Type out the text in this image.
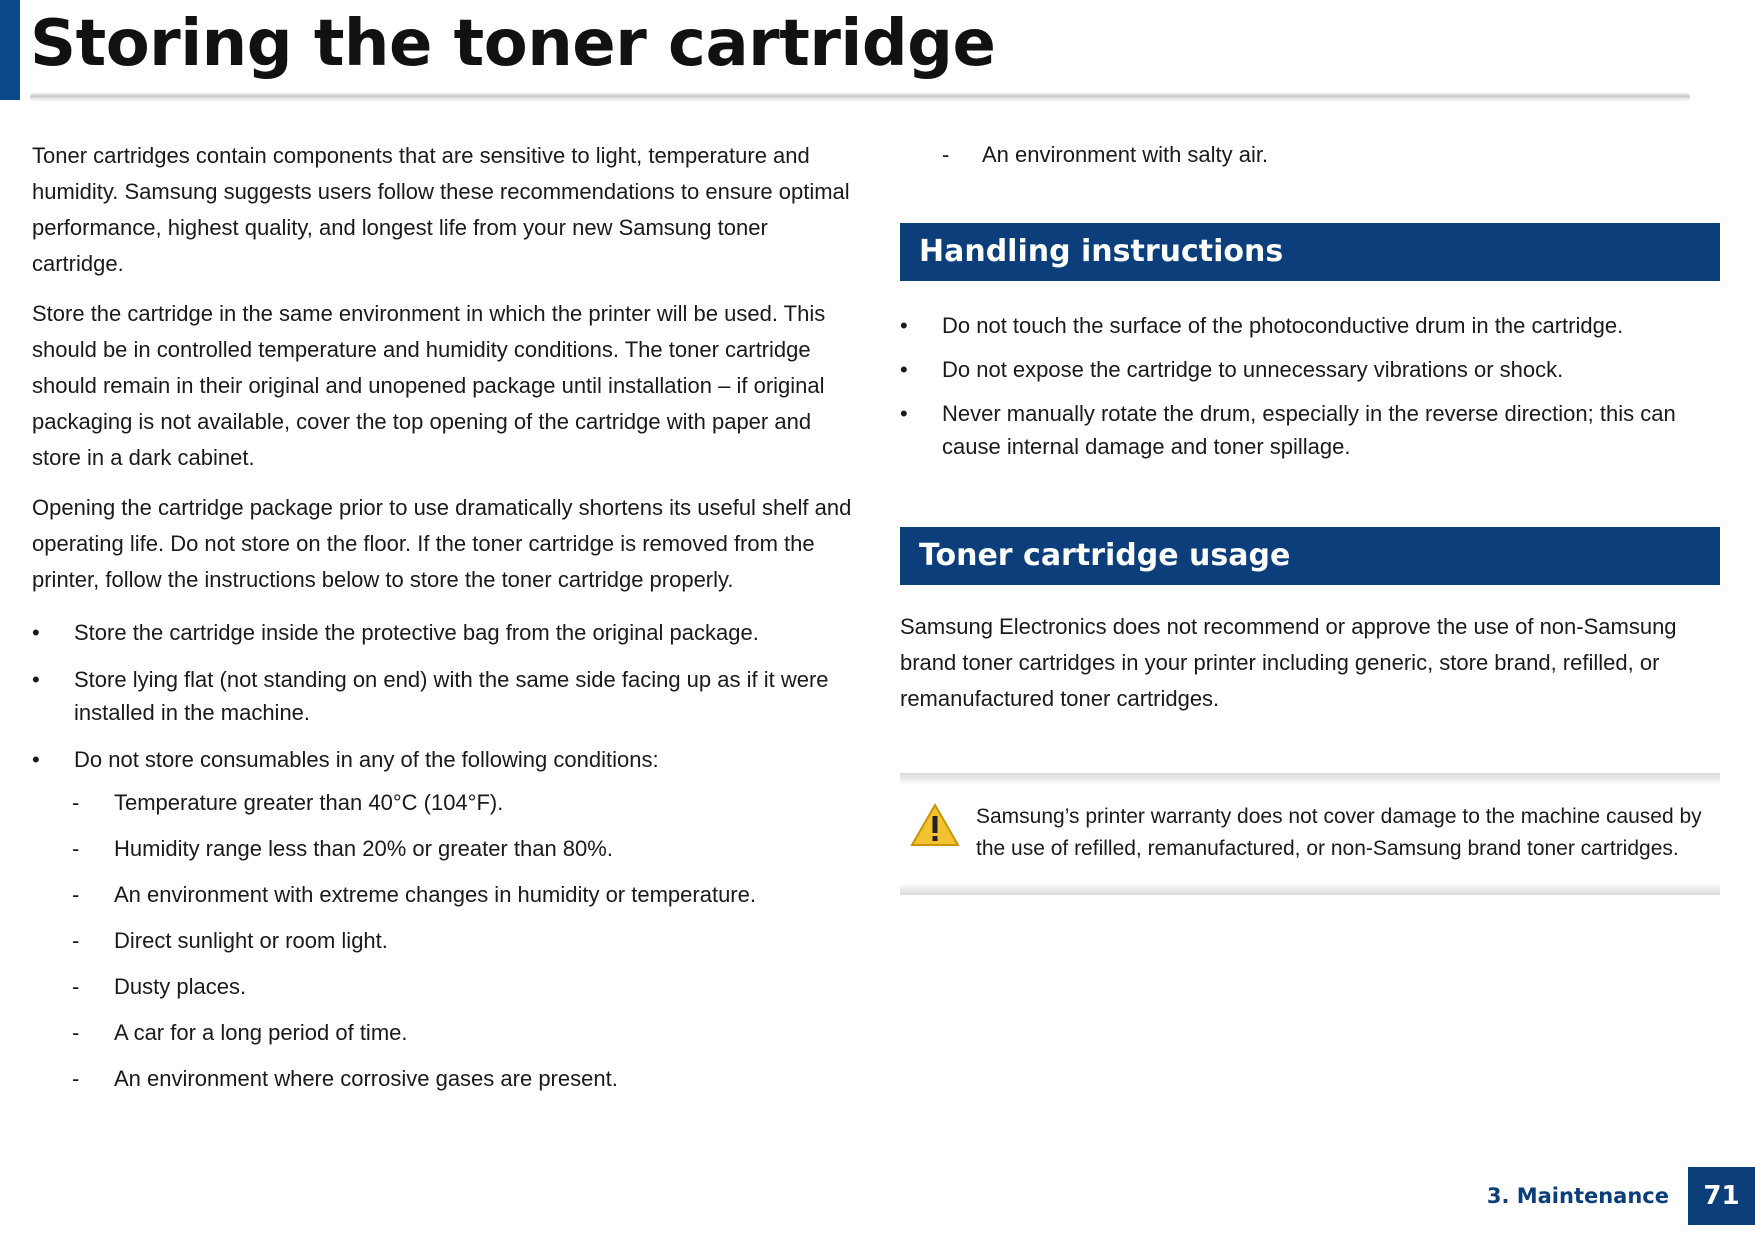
Storing the toner cartridge

Toner cartridges contain components that are sensitive to light, temperature and humidity. Samsung suggests users follow these recommendations to ensure optimal performance, highest quality, and longest life from your new Samsung toner cartridge.

Store the cartridge in the same environment in which the printer will be used. This should be in controlled temperature and humidity conditions. The toner cartridge should remain in their original and unopened package until installation – if original packaging is not available, cover the top opening of the cartridge with paper and store in a dark cabinet.

Opening the cartridge package prior to use dramatically shortens its useful shelf and operating life. Do not store on the floor. If the toner cartridge is removed from the printer, follow the instructions below to store the toner cartridge properly.

• Store the cartridge inside the protective bag from the original package.
• Store lying flat (not standing on end) with the same side facing up as if it were installed in the machine.
• Do not store consumables in any of the following conditions:
- Temperature greater than 40°C (104°F).
- Humidity range less than 20% or greater than 80%.
- An environment with extreme changes in humidity or temperature.
- Direct sunlight or room light.
- Dusty places.
- A car for a long period of time.
- An environment where corrosive gases are present.
- An environment with salty air.
Handling instructions
• Do not touch the surface of the photoconductive drum in the cartridge.
• Do not expose the cartridge to unnecessary vibrations or shock.
• Never manually rotate the drum, especially in the reverse direction; this can cause internal damage and toner spillage.
Toner cartridge usage

Samsung Electronics does not recommend or approve the use of non-Samsung brand toner cartridges in your printer including generic, store brand, refilled, or remanufactured toner cartridges.

Samsung’s printer warranty does not cover damage to the machine caused by the use of refilled, remanufactured, or non-Samsung brand toner cartridges.
3. Maintenance	71
